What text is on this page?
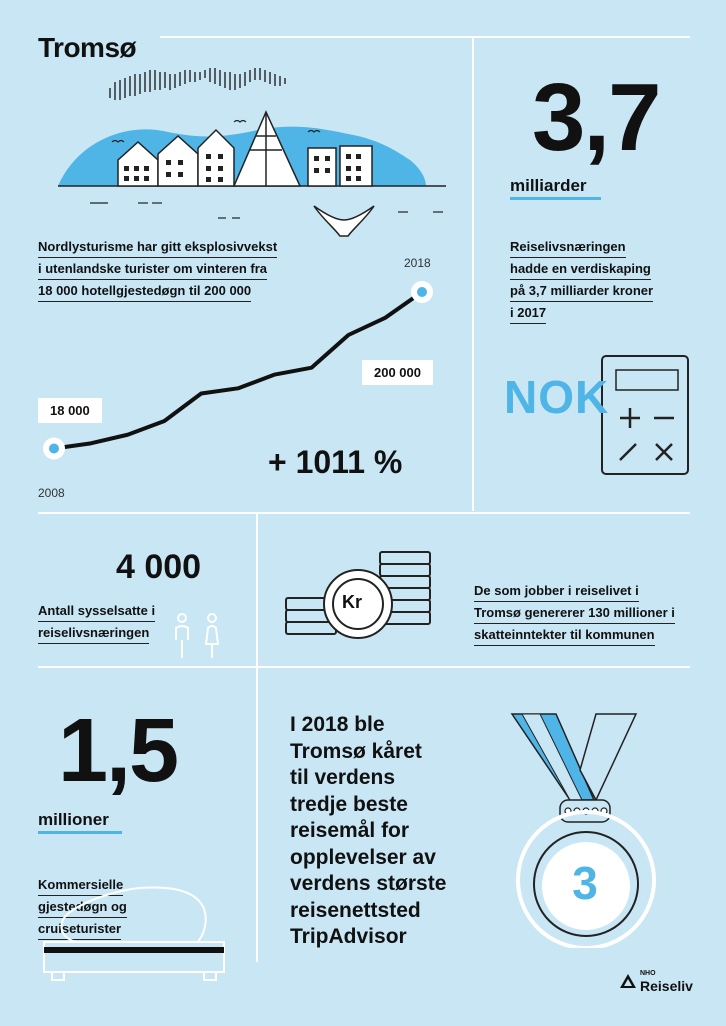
Tromsø
Nordlysturisme har gitt eksplosivvekst
i utenlandske turister om vinteren fra
18 000 hotellgjestedøgn til 200 000
2008
2018
18 000
200 000
+ 1011 %
3,7
milliarder
Reiselivsnæringen
hadde en verdiskaping
på 3,7 milliarder kroner
i 2017
NOK
4 000
Antall sysselsatte i
reiselivsnæringen
Kr
De som jobber i reiselivet i
Tromsø genererer 130 millioner i
skatteinntekter til kommunen
1,5
millioner
Kommersielle
gjestedøgn og
cruiseturister
I 2018 ble
Tromsø kåret
til verdens
tredje beste
reisemål for
opplevelser av
verdens største
reisenettsted
TripAdvisor
3
NHO
Reiseliv
